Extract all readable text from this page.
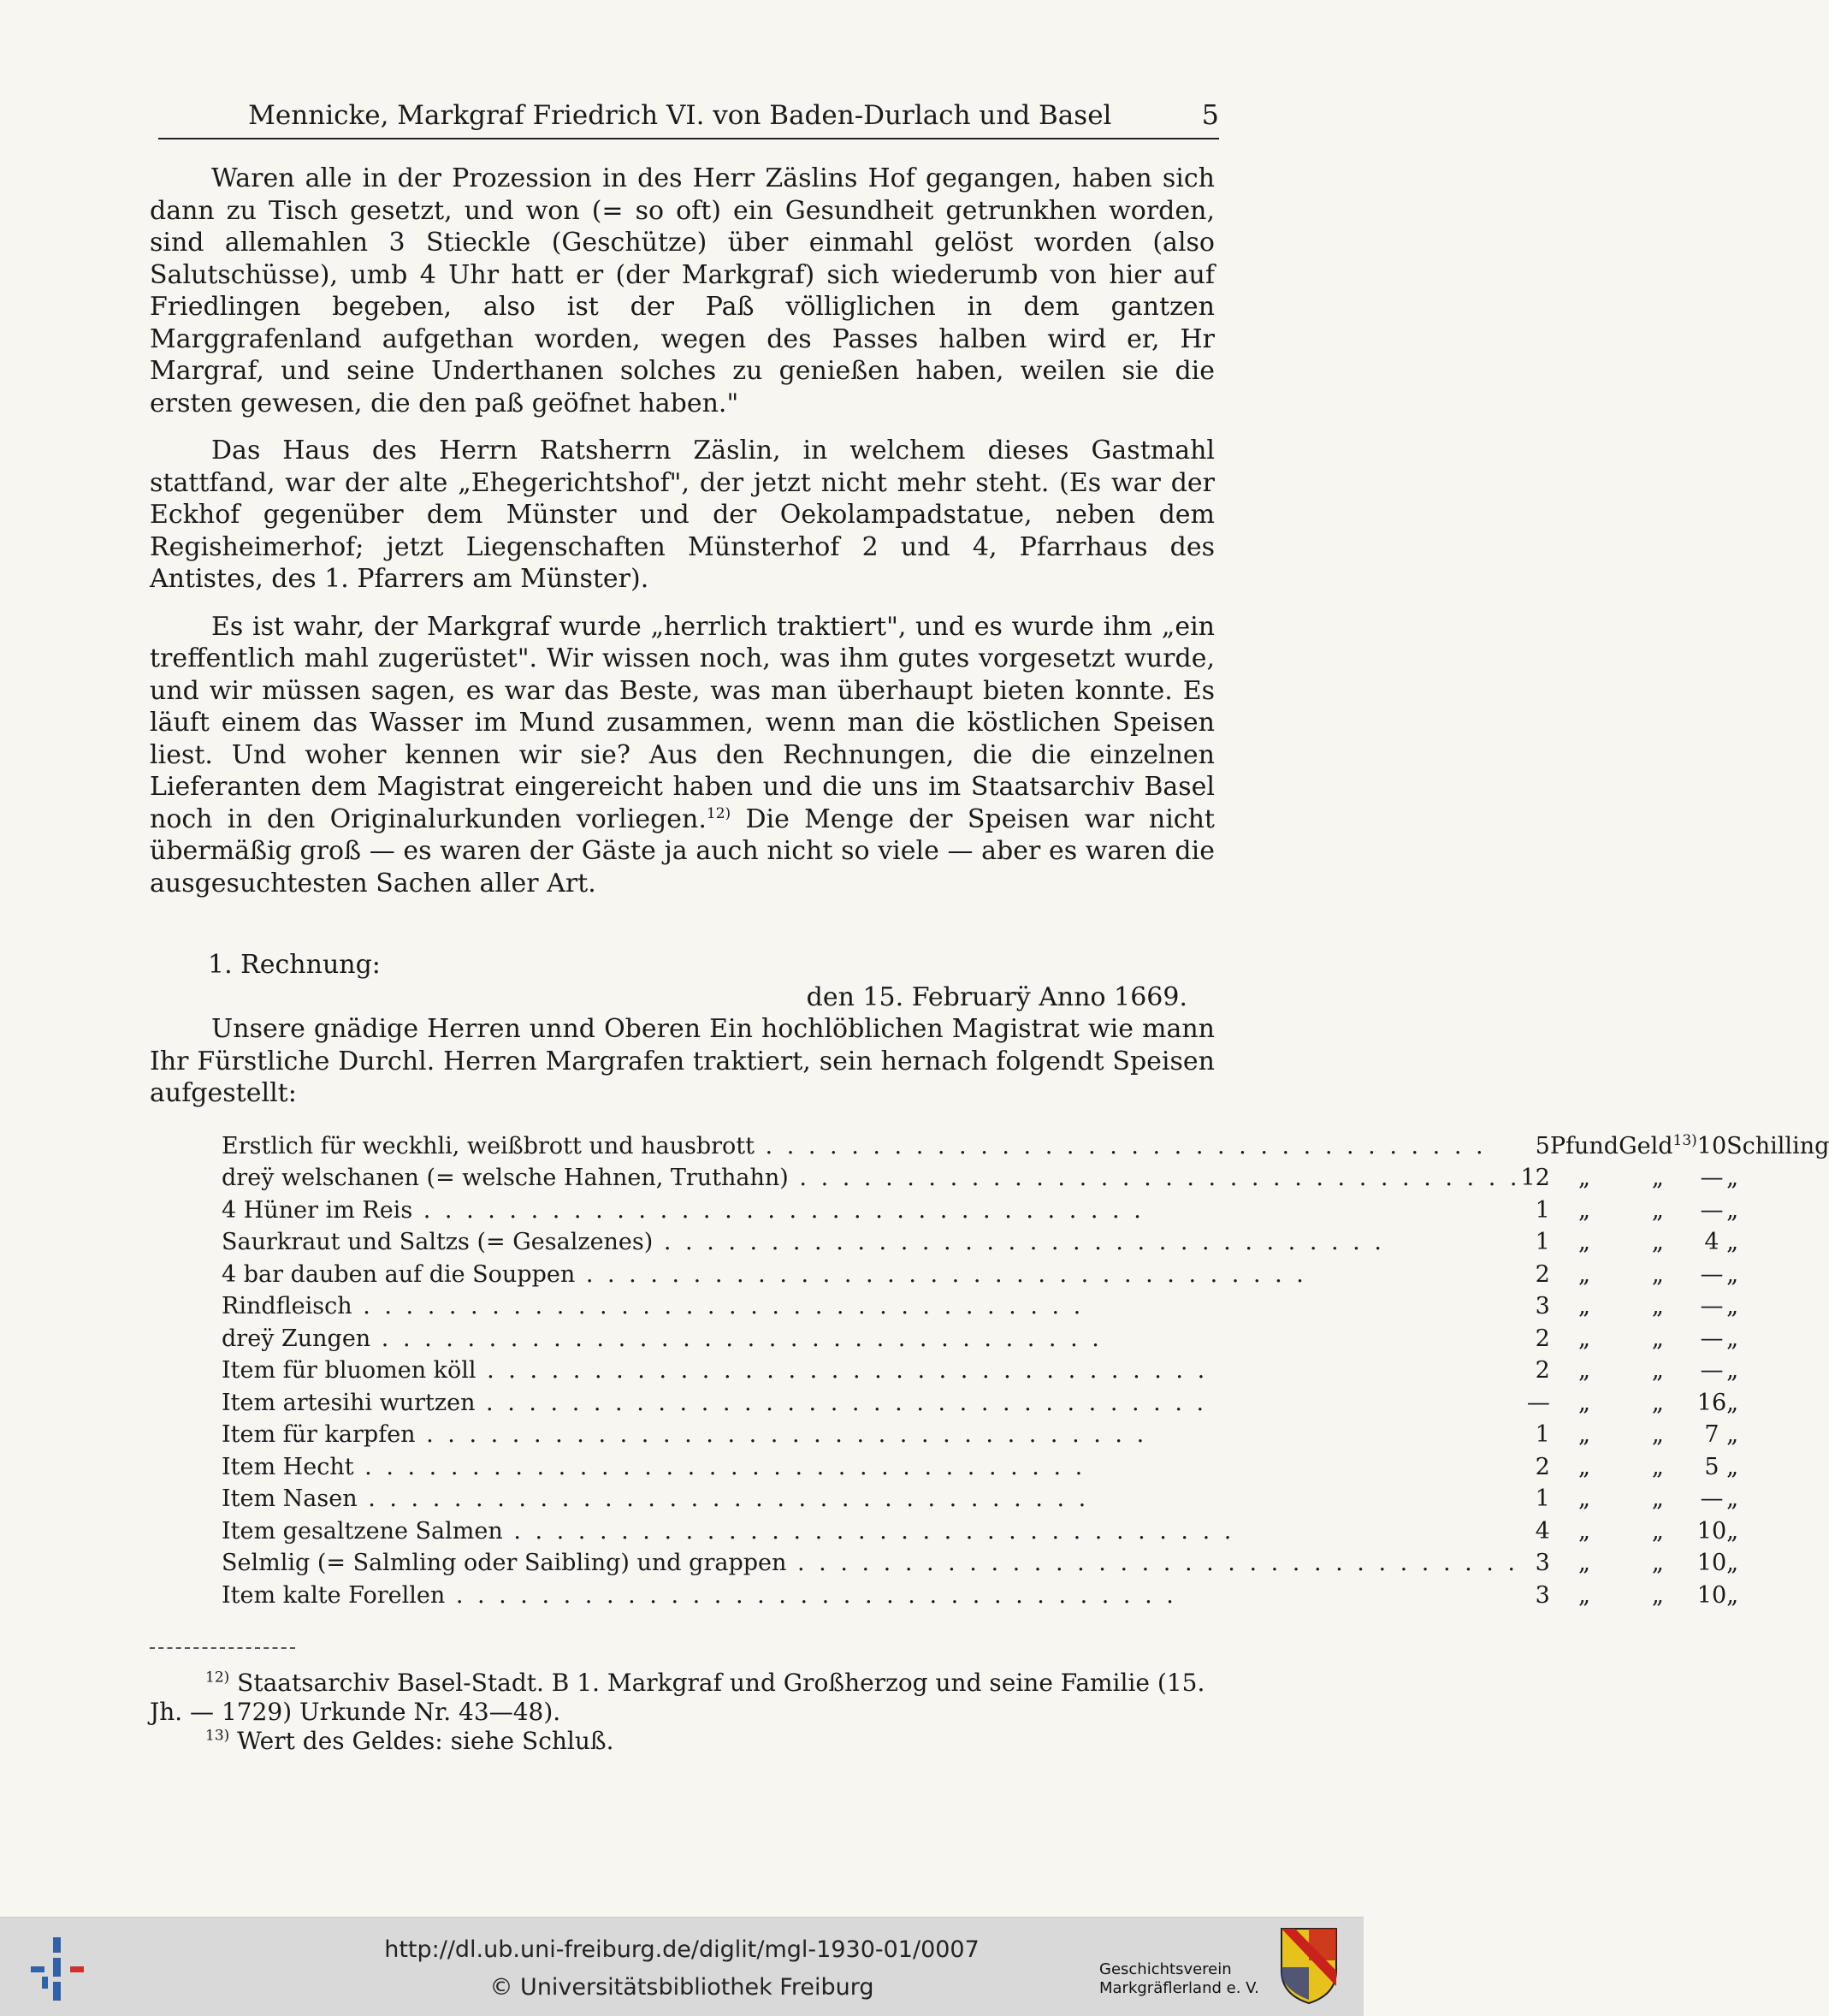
Mennicke, Markgraf Friedrich VI. von Baden-Durlach und Basel	5

Waren alle in der Prozession in des Herr Zäslins Hof gegangen, haben sich dann zu Tisch gesetzt, und won (= so oft) ein Gesundheit getrunkhen worden, sind allemahlen 3 Stieckle (Geschütze) über einmahl gelöst worden (also Salutschüsse), umb 4 Uhr hatt er (der Markgraf) sich wiederumb von hier auf Friedlingen begeben, also ist der Paß völliglichen in dem gantzen Marggrafenland aufgethan worden, wegen des Passes halben wird er, Hr Margraf, und seine Underthanen solches zu genießen haben, weilen sie die ersten gewesen, die den paß geöfnet haben."

Das Haus des Herrn Ratsherrn Zäslin, in welchem dieses Gastmahl stattfand, war der alte „Ehegerichtshof", der jetzt nicht mehr steht. (Es war der Eckhof gegenüber dem Münster und der Oekolampadstatue, neben dem Regisheimerhof; jetzt Liegenschaften Münsterhof 2 und 4, Pfarrhaus des Antistes, des 1. Pfarrers am Münster).

Es ist wahr, der Markgraf wurde „herrlich traktiert", und es wurde ihm „ein treffentlich mahl zugerüstet". Wir wissen noch, was ihm gutes vorgesetzt wurde, und wir müssen sagen, es war das Beste, was man überhaupt bieten konnte. Es läuft einem das Wasser im Mund zusammen, wenn man die köstlichen Speisen liest. Und woher kennen wir sie? Aus den Rechnungen, die die einzelnen Lieferanten dem Magistrat eingereicht haben und die uns im Staatsarchiv Basel noch in den Originalurkunden vorliegen.$^{12)}$ Die Menge der Speisen war nicht übermäßig groß — es waren der Gäste ja auch nicht so viele — aber es waren die ausgesuchtesten Sachen aller Art.

1. Rechnung:
den 15. Februarÿ Anno 1669.

Unsere gnädige Herren unnd Oberen Ein hochlöblichen Magistrat wie mann Ihr Fürstliche Durchl. Herren Margrafen traktiert, sein hernach folgendt Speisen aufgestellt:

Erstlich für weckhli, weißbrott und hausbrott . . .	5	Pfund	Geld$^{13)}$	10	Schilling
dreÿ welschanen (= welsche Hahnen, Truthahn) . . .	12	„	„	—	„
4 Hüner im Reis . . .	1	„	„	—	„
Saurkraut und Saltzs (= Gesalzenes) . . .	1	„	„	4	„
4 bar dauben auf die Souppen . . .	2	„	„	—	„
Rindfleisch . . .	3	„	„	—	„
dreÿ Zungen . . .	2	„	„	—	„
Item für bluomen köll . . .	2	„	„	—	„
Item artesihi wurtzen . . .	—	„	„	16	„
Item für karpfen . . .	1	„	„	7	„
Item Hecht . . .	2	„	„	5	„
Item Nasen . . .	1	„	„	—	„
Item gesaltzene Salmen . . .	4	„	„	10	„
Selmlig (= Salmling oder Saibling) und grappen . . .	3	„	„	10	„
Item kalte Forellen . . .	3	„	„	10	„

$^{12)}$ Staatsarchiv Basel-Stadt. B 1. Markgraf und Großherzog und seine Familie (15. Jh. — 1729) Urkunde Nr. 43—48).

$^{13)}$ Wert des Geldes: siehe Schluß.

http://dl.ub.uni-freiburg.de/diglit/mgl-1930-01/0007
© Universitätsbibliothek Freiburg
Geschichtsverein
Markgräflerland e. V.
